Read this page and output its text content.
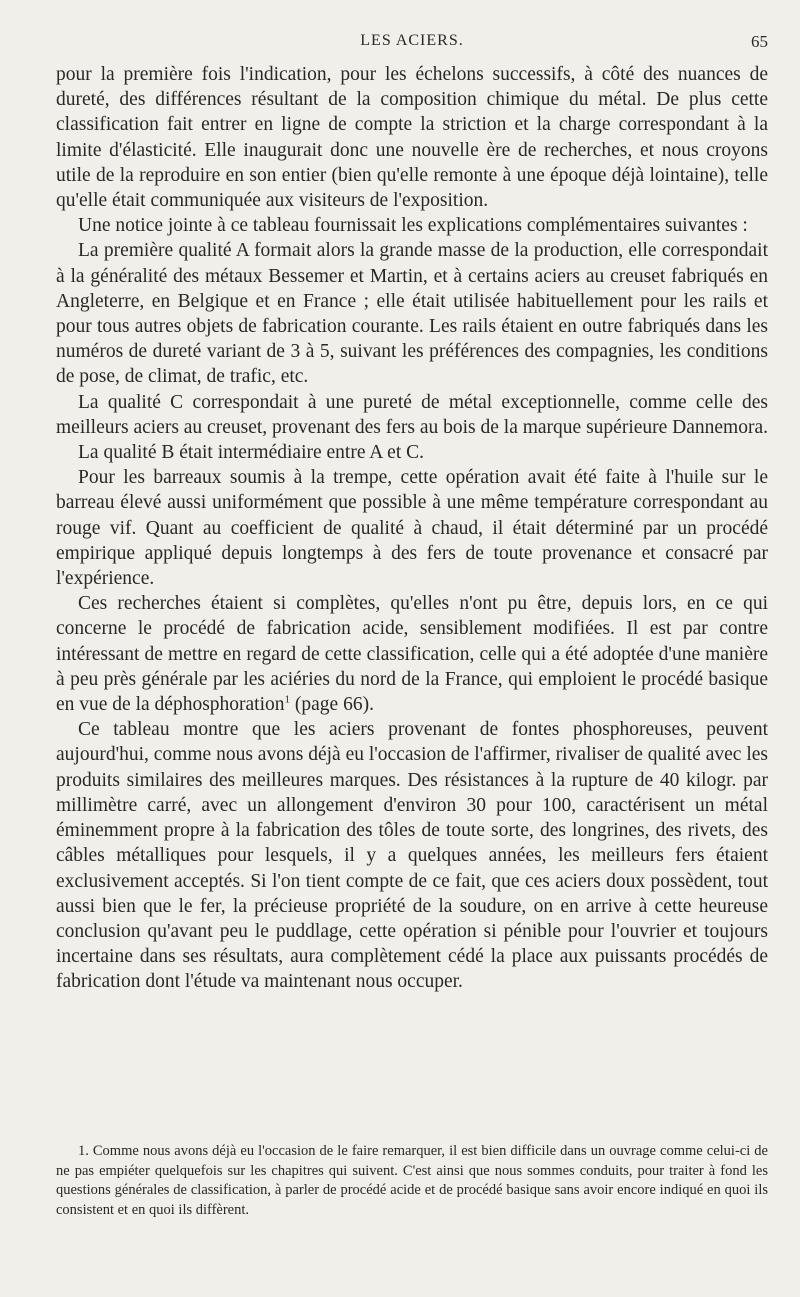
LES ACIERS.	65

pour la première fois l'indication, pour les échelons successifs, à côté des nuances de dureté, des différences résultant de la composition chimique du métal. De plus cette classification fait entrer en ligne de compte la striction et la charge correspondant à la limite d'élasticité. Elle inaugurait donc une nouvelle ère de recherches, et nous croyons utile de la reproduire en son entier (bien qu'elle remonte à une époque déjà lointaine), telle qu'elle était communiquée aux visiteurs de l'exposition.

Une notice jointe à ce tableau fournissait les explications complémentaires suivantes :

La première qualité A formait alors la grande masse de la production, elle correspondait à la généralité des métaux Bessemer et Martin, et à certains aciers au creuset fabriqués en Angleterre, en Belgique et en France ; elle était utilisée habituellement pour les rails et pour tous autres objets de fabrication courante. Les rails étaient en outre fabriqués dans les numéros de dureté variant de 3 à 5, suivant les préférences des compagnies, les conditions de pose, de climat, de trafic, etc.

La qualité C correspondait à une pureté de métal exceptionnelle, comme celle des meilleurs aciers au creuset, provenant des fers au bois de la marque supérieure Dannemora.

La qualité B était intermédiaire entre A et C.

Pour les barreaux soumis à la trempe, cette opération avait été faite à l'huile sur le barreau élevé aussi uniformément que possible à une même température correspondant au rouge vif. Quant au coefficient de qualité à chaud, il était déterminé par un procédé empirique appliqué depuis longtemps à des fers de toute provenance et consacré par l'expérience.

Ces recherches étaient si complètes, qu'elles n'ont pu être, depuis lors, en ce qui concerne le procédé de fabrication acide, sensiblement modifiées. Il est par contre intéressant de mettre en regard de cette classification, celle qui a été adoptée d'une manière à peu près générale par les aciéries du nord de la France, qui emploient le procédé basique en vue de la déphosphoration$^1$ (page 66).

Ce tableau montre que les aciers provenant de fontes phosphoreuses, peuvent aujourd'hui, comme nous avons déjà eu l'occasion de l'affirmer, rivaliser de qualité avec les produits similaires des meilleures marques. Des résistances à la rupture de 40 kilogr. par millimètre carré, avec un allongement d'environ 30 pour 100, caractérisent un métal éminemment propre à la fabrication des tôles de toute sorte, des longrines, des rivets, des câbles métalliques pour lesquels, il y a quelques années, les meilleurs fers étaient exclusivement acceptés. Si l'on tient compte de ce fait, que ces aciers doux possèdent, tout aussi bien que le fer, la précieuse propriété de la soudure, on en arrive à cette heureuse conclusion qu'avant peu le puddlage, cette opération si pénible pour l'ouvrier et toujours incertaine dans ses résultats, aura complètement cédé la place aux puissants procédés de fabrication dont l'étude va maintenant nous occuper.

1. Comme nous avons déjà eu l'occasion de le faire remarquer, il est bien difficile dans un ouvrage comme celui-ci de ne pas empiéter quelquefois sur les chapitres qui suivent. C'est ainsi que nous sommes conduits, pour traiter à fond les questions générales de classification, à parler de procédé acide et de procédé basique sans avoir encore indiqué en quoi ils consistent et en quoi ils diffèrent.
